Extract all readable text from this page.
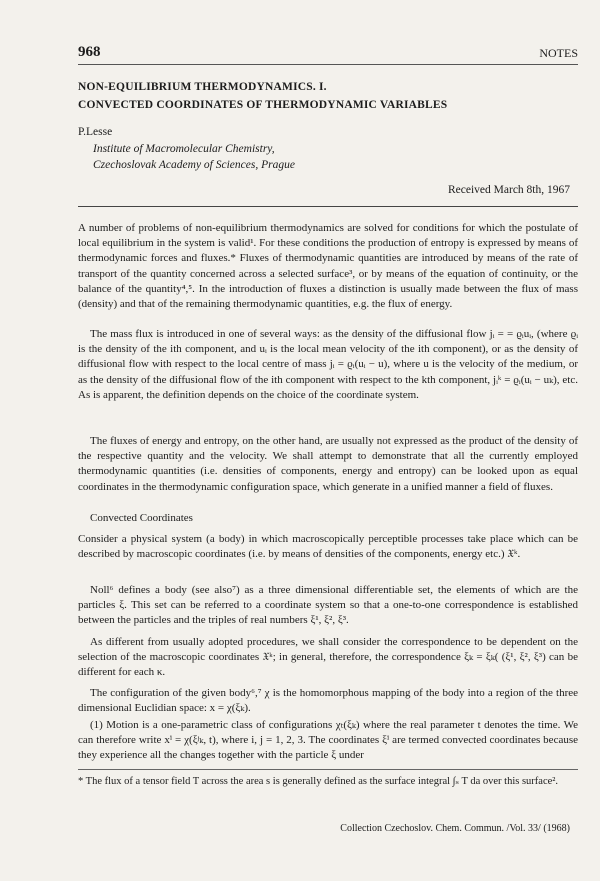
968	NOTES
NON-EQUILIBRIUM THERMODYNAMICS. I.
CONVECTED COORDINATES OF THERMODYNAMIC VARIABLES
P.Lesse
Institute of Macromolecular Chemistry,
Czechoslovak Academy of Sciences, Prague
Received March 8th, 1967

A number of problems of non-equilibrium thermodynamics are solved for conditions for which the postulate of local equilibrium in the system is valid¹. For these conditions the production of entropy is expressed by means of thermodynamic forces and fluxes.* Fluxes of thermodynamic quantities are introduced by means of the rate of transport of the quantity concerned across a selected surface³, or by means of the equation of continuity, or the balance of the quantity⁴,⁵. In the introduction of fluxes a distinction is usually made between the flux of mass (density) and that of the remaining thermodynamic quantities, e.g. the flux of energy.

The mass flux is introduced in one of several ways: as the density of the diffusional flow jᵢ = = ϱᵢuᵢ, (where ϱᵢ is the density of the ith component, and uᵢ is the local mean velocity of the ith component), or as the density of diffusional flow with respect to the local centre of mass jᵢ = ϱᵢ(uᵢ − u), where u is the velocity of the medium, or as the density of the diffusional flow of the ith component with respect to the kth component, jᵢᵏ = ϱᵢ(uᵢ − uₖ), etc. As is apparent, the definition depends on the choice of the coordinate system.

The fluxes of energy and entropy, on the other hand, are usually not expressed as the product of the density of the respective quantity and the velocity. We shall attempt to demonstrate that all the currently employed thermodynamic quantities (i.e. densities of components, energy and entropy) can be looked upon as equal coordinates in the thermodynamic configuration space, which generate in a unified manner a field of fluxes.

Convected Coordinates

Consider a physical system (a body) in which macroscopically perceptible processes take place which can be described by macroscopic coordinates (i.e. by means of densities of the components, energy etc.) 𝔛ᵏ.

Noll⁶ defines a body (see also⁷) as a three dimensional differentiable set, the elements of which are the particles ξ. This set can be referred to a coordinate system so that a one-to-one correspondence is established between the particles and the triples of real numbers ξ¹, ξ², ξ³.

As different from usually adopted procedures, we shall consider the correspondence to be dependent on the selection of the macroscopic coordinates 𝔛ᵏ; in general, therefore, the correspondence ξₖ = ξₖ( (ξ¹, ξ², ξ³) can be different for each κ.

The configuration of the given body⁶,⁷ χ is the homomorphous mapping of the body into a region of the three dimensional Euclidian space: x = χ(ξₖ).

(1) Motion is a one-parametric class of configurations χₜ(ξₖ) where the real parameter t denotes the time. We can therefore write xⁱ = χ(ξʲₖ, t), where i, j = 1, 2, 3. The coordinates ξⁱ are termed convected coordinates because they experience all the changes together with the particle ξ under

* The flux of a tensor field T across the area s is generally defined as the surface integral ∫ₛ T da over this surface².
Collection Czechoslov. Chem. Commun. /Vol. 33/ (1968)
